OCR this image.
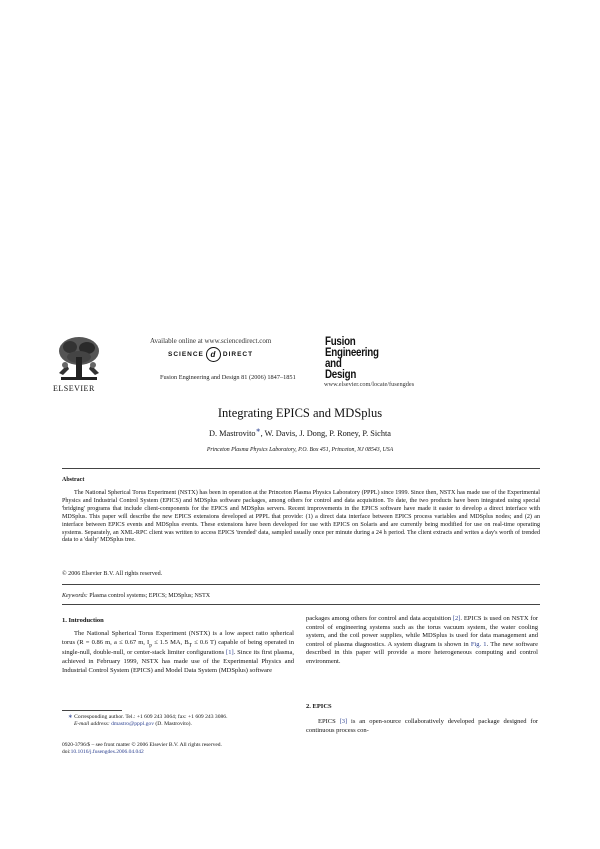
ELSEVIER
Available online at www.sciencedirect.com
SCIENCE d DIRECT
Fusion Engineering and Design 81 (2006) 1847–1851
Fusion
Engineering
and Design
www.elsevier.com/locate/fusengdes
Integrating EPICS and MDSplus
D. Mastrovito∗, W. Davis, J. Dong, P. Roney, P. Sichta
Princeton Plasma Physics Laboratory, P.O. Box 451, Princeton, NJ 08543, USA
Abstract
The National Spherical Torus Experiment (NSTX) has been in operation at the Princeton Plasma Physics Laboratory (PPPL) since 1999. Since then, NSTX has made use of the Experimental Physics and Industrial Control System (EPICS) and MDSplus software packages, among others for control and data acquisition. To date, the two products have been integrated using special 'bridging' programs that include client-components for the EPICS and MDSplus servers. Recent improvements in the EPICS software have made it easier to develop a direct interface with MDSplus. This paper will describe the new EPICS extensions developed at PPPL that provide: (1) a direct data interface between EPICS process variables and MDSplus nodes; and (2) an interface between EPICS events and MDSplus events. These extensions have been developed for use with EPICS on Solaris and are currently being modified for use on real-time operating systems. Separately, an XML-RPC client was written to access EPICS 'trended' data, sampled usually once per minute during a 24 h period. The client extracts and writes a day's worth of trended data to a 'daily' MDSplus tree.
© 2006 Elsevier B.V. All rights reserved.
Keywords: Plasma control systems; EPICS; MDSplus; NSTX
1. Introduction
The National Spherical Torus Experiment (NSTX) is a low aspect ratio spherical torus (R = 0.86 m, a ≤ 0.67 m, $I_p \le 1.5$ MA, $B_T \le 0.6$ T) capable of being operated in single-null, double-null, or center-stack limiter configurations [1]. Since its first plasma, achieved in February 1999, NSTX has made use of the Experimental Physics and Industrial Control System (EPICS) and Model Data System (MDSplus) software
∗ Corresponding author. Tel.: +1 609 243 3064; fax: +1 609 243 3086.
E-mail address: dmastro@pppl.gov (D. Mastrovito).
0920-3796/$ – see front matter © 2006 Elsevier B.V. All rights reserved.
doi:10.1016/j.fusengdes.2006.04.042
packages among others for control and data acquisition [2]. EPICS is used on NSTX for control of engineering systems such as the torus vacuum system, the water cooling system, and the coil power supplies, while MDSplus is used for data management and control of plasma diagnostics. A system diagram is shown in Fig. 1. The new software described in this paper will provide a more heterogeneous computing and control environment.
2. EPICS
EPICS [3] is an open-source collaboratively developed package designed for continuous process con-
